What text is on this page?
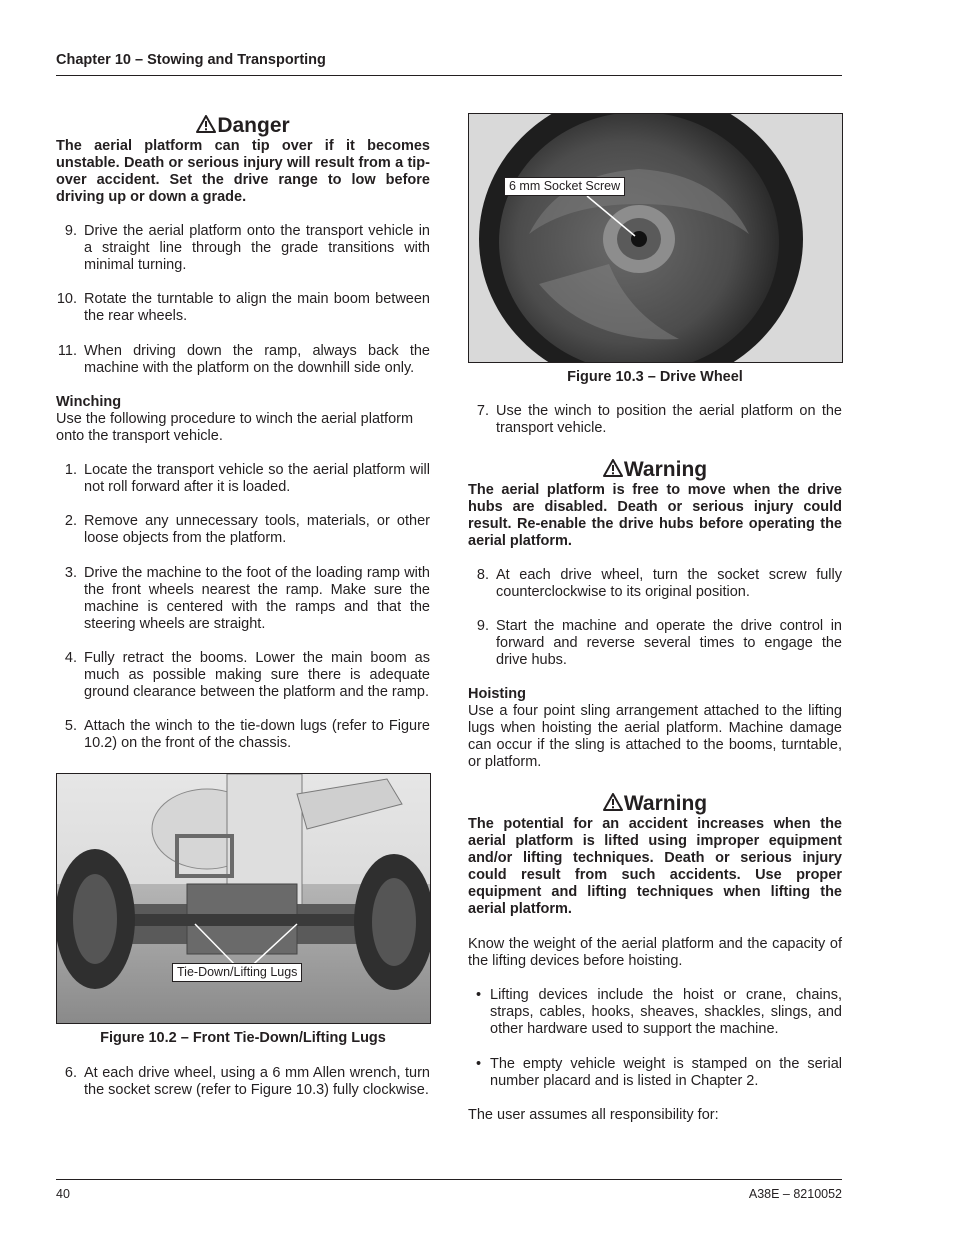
Chapter 10 – Stowing and Transporting
Danger

The aerial platform can tip over if it becomes unstable. Death or serious injury will result from a tip-over accident. Set the drive range to low before driving up or down a grade.

9. Drive the aerial platform onto the transport vehicle in a straight line through the grade transitions with minimal turning.
10. Rotate the turntable to align the main boom between the rear wheels.
11. When driving down the ramp, always back the machine with the platform on the downhill side only.

Winching

Use the following procedure to winch the aerial platform onto the transport vehicle.

1. Locate the transport vehicle so the aerial platform will not roll forward after it is loaded.
2. Remove any unnecessary tools, materials, or other loose objects from the platform.
3. Drive the machine to the foot of the loading ramp with the front wheels nearest the ramp. Make sure the machine is centered with the ramps and that the steering wheels are straight.
4. Fully retract the booms. Lower the main boom as much as possible making sure there is adequate ground clearance between the platform and the ramp.
5. Attach the winch to the tie-down lugs (refer to Figure 10.2) on the front of the chassis.
Tie-Down/Lifting Lugs

Figure 10.2 – Front Tie-Down/Lifting Lugs

6. At each drive wheel, using a 6 mm Allen wrench, turn the socket screw (refer to Figure 10.3) fully clockwise.
6 mm Socket Screw

Figure 10.3 – Drive Wheel

7. Use the winch to position the aerial platform on the transport vehicle.
Warning

The aerial platform is free to move when the drive hubs are disabled. Death or serious injury could result. Re-enable the drive hubs before operating the aerial platform.

8. At each drive wheel, turn the socket screw fully counterclockwise to its original position.
9. Start the machine and operate the drive control in forward and reverse several times to engage the drive hubs.

Hoisting

Use a four point sling arrangement attached to the lifting lugs when hoisting the aerial platform. Machine damage can occur if the sling is attached to the booms, turntable, or platform.

Warning

The potential for an accident increases when the aerial platform is lifted using improper equipment and/or lifting techniques. Death or serious injury could result from such accidents. Use proper equipment and lifting techniques when lifting the aerial platform.

Know the weight of the aerial platform and the capacity of the lifting devices before hoisting.

• Lifting devices include the hoist or crane, chains, straps, cables, hooks, sheaves, shackles, slings, and other hardware used to support the machine.
• The empty vehicle weight is stamped on the serial number placard and is listed in Chapter 2.

The user assumes all responsibility for:

40	A38E – 8210052
